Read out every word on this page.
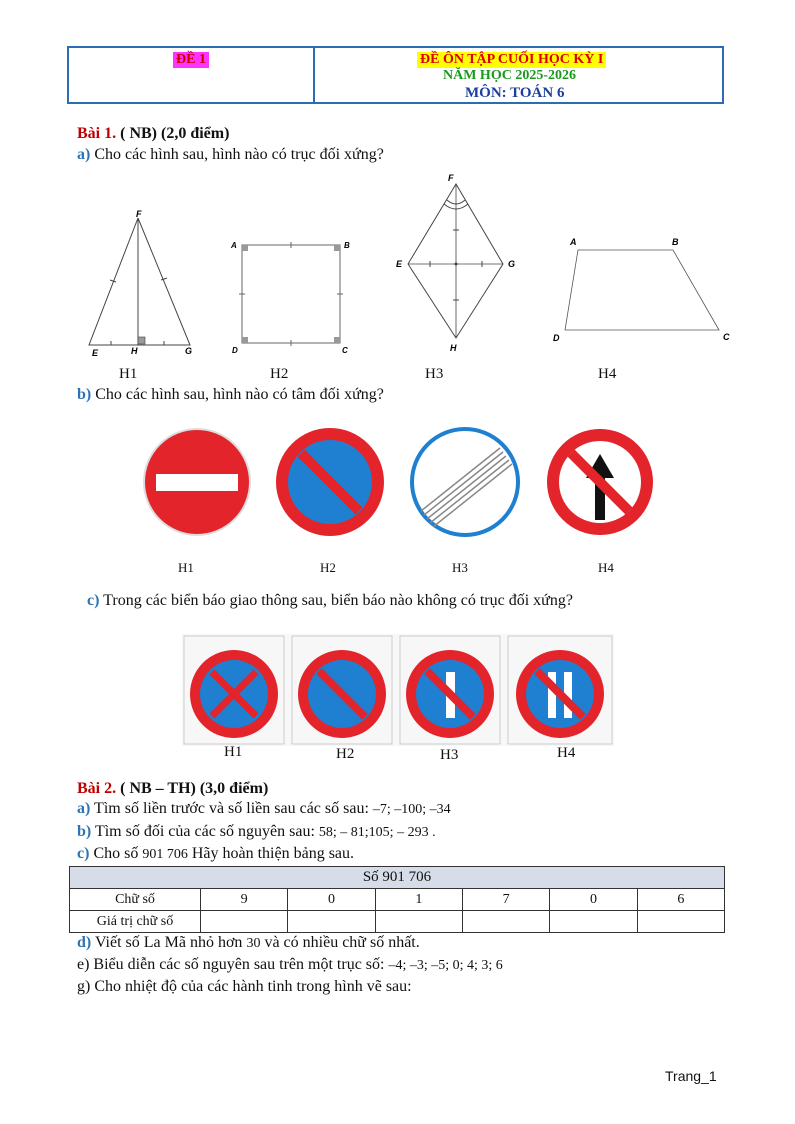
ĐỀ 1	ĐỀ ÔN TẬP CUỐI HỌC KỲ I
NĂM HỌC 2025-2026
MÔN: TOÁN 6
Bài 1. ( NB) (2,0 điểm)
a) Cho các hình sau, hình nào có trục đối xứng?
F
E	H	G
A	B
D	C
F
E	G
H
A	B
D	C
H1	H2	H3	H4
b) Cho các hình sau, hình nào có tâm đối xứng?
H1	H2	H3	H4
c) Trong các biển báo giao thông sau, biển báo nào không có trục đối xứng?
H1	H2	H3	H4
Bài 2. ( NB – TH) (3,0 điểm)
a) Tìm số liền trước và số liền sau các số sau: –7; –100; –34
b) Tìm số đối của các số nguyên sau: 58; – 81;105; – 293 .
c) Cho số 901 706 Hãy hoàn thiện bảng sau.
Số 901 706						
Chữ số	9	0	1	7	0	6
Giá trị chữ số						
d) Viết số La Mã nhỏ hơn 30 và có nhiều chữ số nhất.
e) Biểu diễn các số nguyên sau trên một trục số: –4; –3; –5; 0; 4; 3; 6
g) Cho nhiệt độ của các hành tinh trong hình vẽ sau:
Trang_1
